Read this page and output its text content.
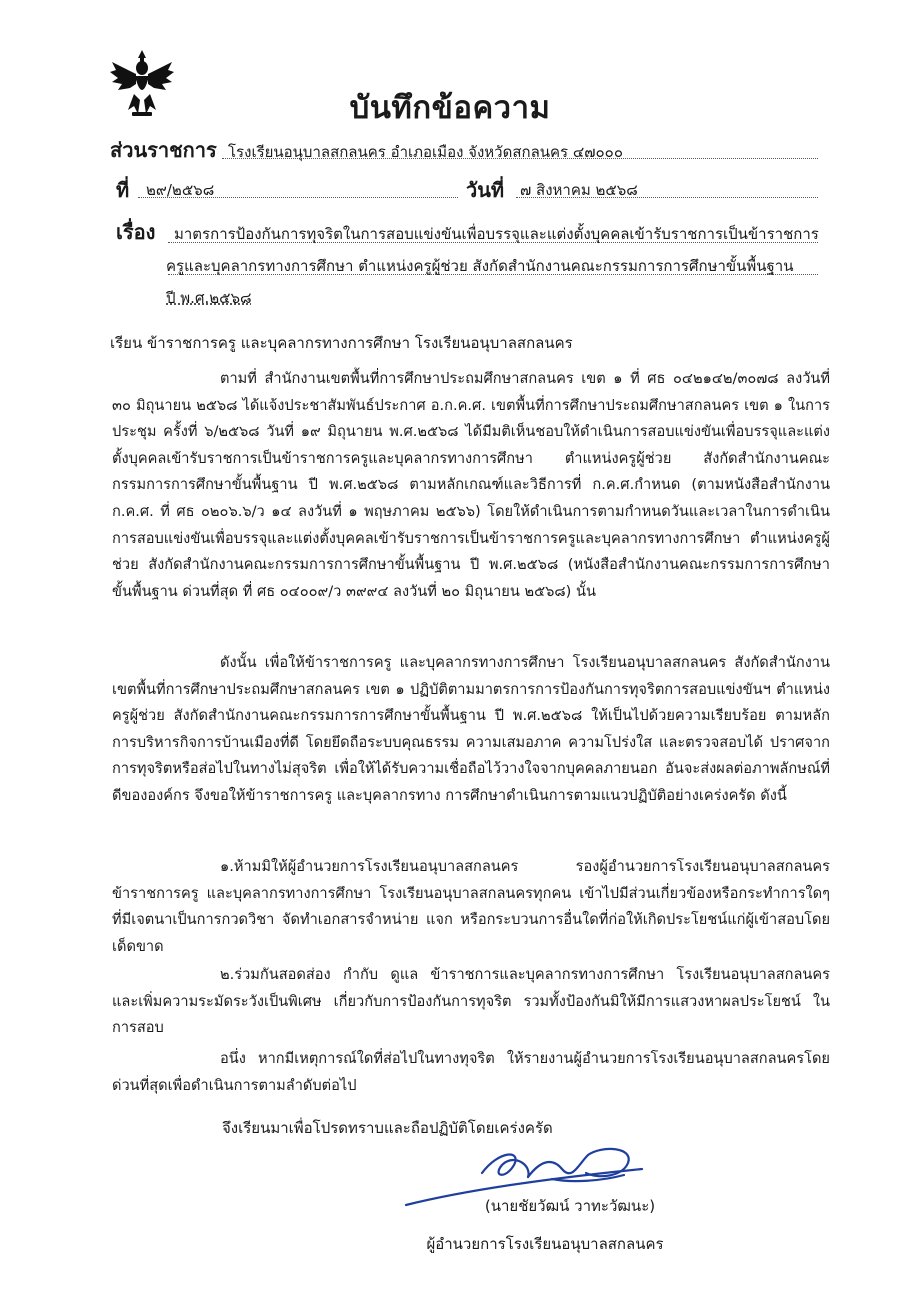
บันทึกข้อความ
ส่วนราชการ โรงเรียนอนุบาลสกลนคร อำเภอเมือง จังหวัดสกลนคร ๔๗๐๐๐
ที่ ๒๙/๒๕๖๘	วันที่ ๗ สิงหาคม ๒๕๖๘
เรื่อง มาตรการป้องกันการทุจริตในการสอบแข่งขันเพื่อบรรจุและแต่งตั้งบุคคลเข้ารับราชการเป็นข้าราชการ
ครูและบุคลากรทางการศึกษา ตำแหน่งครูผู้ช่วย สังกัดสำนักงานคณะกรรมการการศึกษาขั้นพื้นฐาน
ปี พ.ศ.๒๕๖๘
เรียน ข้าราชการครู และบุคลากรทางการศึกษา โรงเรียนอนุบาลสกลนคร

ตามที่ สำนักงานเขตพื้นที่การศึกษาประถมศึกษาสกลนคร เขต ๑ ที่ ศธ ๐๔๒๑๔๒/๓๐๗๘ ลงวันที่ ๓๐ มิถุนายน ๒๕๖๘ ได้แจ้งประชาสัมพันธ์ประกาศ อ.ก.ค.ศ. เขตพื้นที่การศึกษาประถมศึกษาสกลนคร เขต ๑ ในการประชุม ครั้งที่ ๖/๒๕๖๘ วันที่ ๑๙ มิถุนายน พ.ศ.๒๕๖๘ ได้มีมติเห็นชอบให้ดำเนินการสอบแข่งขันเพื่อบรรจุและแต่งตั้งบุคคลเข้ารับราชการเป็นข้าราชการครูและบุคลากรทางการศึกษา ตำแหน่งครูผู้ช่วย สังกัดสำนักงานคณะกรรมการการศึกษาขั้นพื้นฐาน ปี พ.ศ.๒๕๖๘ ตามหลักเกณฑ์และวิธีการที่ ก.ค.ศ.กำหนด (ตามหนังสือสำนักงาน ก.ค.ศ. ที่ ศธ ๐๒๐๖.๖/ว ๑๔ ลงวันที่ ๑ พฤษภาคม ๒๕๖๖) โดยให้ดำเนินการตามกำหนดวันและเวลาในการดำเนินการสอบแข่งขันเพื่อบรรจุและแต่งตั้งบุคคลเข้ารับราชการเป็นข้าราชการครูและบุคลากรทางการศึกษา ตำแหน่งครูผู้ช่วย สังกัดสำนักงานคณะกรรมการการศึกษาขั้นพื้นฐาน ปี พ.ศ.๒๕๖๘ (หนังสือสำนักงานคณะกรรมการการศึกษาขั้นพื้นฐาน ด่วนที่สุด ที่ ศธ ๐๔๐๐๙/ว ๓๙๙๔ ลงวันที่ ๒๐ มิถุนายน ๒๕๖๘) นั้น

ดังนั้น เพื่อให้ข้าราชการครู และบุคลากรทางการศึกษา โรงเรียนอนุบาลสกลนคร สังกัดสำนักงานเขตพื้นที่การศึกษาประถมศึกษาสกลนคร เขต ๑ ปฏิบัติตามมาตรการการป้องกันการทุจริตการสอบแข่งขันฯ ตำแหน่งครูผู้ช่วย สังกัดสำนักงานคณะกรรมการการศึกษาขั้นพื้นฐาน ปี พ.ศ.๒๕๖๘ ให้เป็นไปด้วยความเรียบร้อย ตามหลักการบริหารกิจการบ้านเมืองที่ดี โดยยึดถือระบบคุณธรรม ความเสมอภาค ความโปร่งใส และตรวจสอบได้ ปราศจากการทุจริตหรือส่อไปในทางไม่สุจริต เพื่อให้ได้รับความเชื่อถือไว้วางใจจากบุคคลภายนอก อันจะส่งผลต่อภาพลักษณ์ที่ดีขององค์กร จึงขอให้ข้าราชการครู และบุคลากรทาง การศึกษาดำเนินการตามแนวปฏิบัติอย่างเคร่งครัด ดังนี้

๑.ห้ามมิให้ผู้อำนวยการโรงเรียนอนุบาลสกลนคร รองผู้อำนวยการโรงเรียนอนุบาลสกลนคร ข้าราชการครู และบุคลากรทางการศึกษา โรงเรียนอนุบาลสกลนครทุกคน เข้าไปมีส่วนเกี่ยวข้องหรือกระทำการใดๆ ที่มีเจตนาเป็นการกวดวิชา จัดทำเอกสารจำหน่าย แจก หรือกระบวนการอื่นใดที่ก่อให้เกิดประโยชน์แก่ผู้เข้าสอบโดยเด็ดขาด

๒.ร่วมกันสอดส่อง กำกับ ดูแล ข้าราชการและบุคลากรทางการศึกษา โรงเรียนอนุบาลสกลนคร และเพิ่มความระมัดระวังเป็นพิเศษ เกี่ยวกับการป้องกันการทุจริต รวมทั้งป้องกันมิให้มีการแสวงหาผลประโยชน์ ในการสอบ

อนึ่ง หากมีเหตุการณ์ใดที่ส่อไปในทางทุจริต ให้รายงานผู้อำนวยการโรงเรียนอนุบาลสกลนครโดยด่วนที่สุดเพื่อดำเนินการตามลำดับต่อไป

จึงเรียนมาเพื่อโปรดทราบและถือปฏิบัติโดยเคร่งครัด
(นายชัยวัฒน์ วาทะวัฒนะ)
ผู้อำนวยการโรงเรียนอนุบาลสกลนคร
